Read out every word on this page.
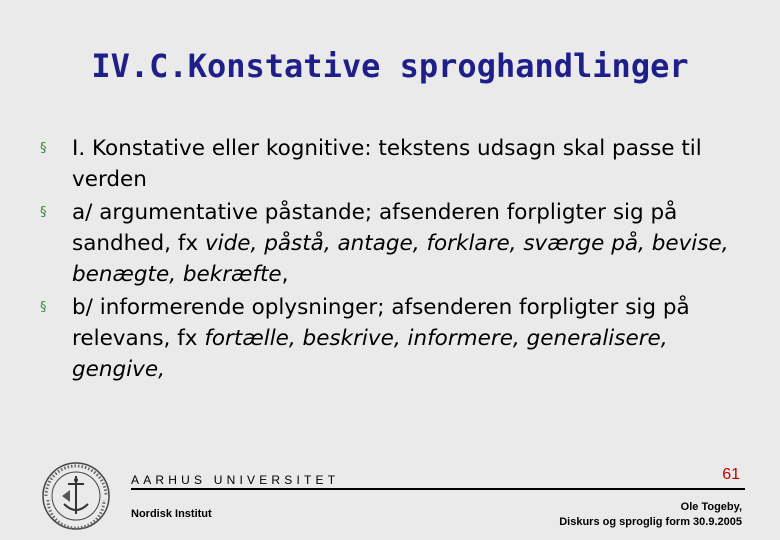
IV.C.Konstative sproghandlinger
§	I. Konstative eller kognitive: tekstens udsagn skal passe til verden
§	a/ argumentative påstande; afsenderen forpligter sig på sandhed, fx vide, påstå, antage, forklare, sværge på, bevise, benægte, bekræfte,
§	b/ informerende oplysninger; afsenderen forpligter sig på relevans, fx fortælle, beskrive, informere, generalisere, gengive,
AARHUS UNIVERSITET	61
Nordisk Institut
Ole Togeby,
Diskurs og sproglig form 30.9.2005
